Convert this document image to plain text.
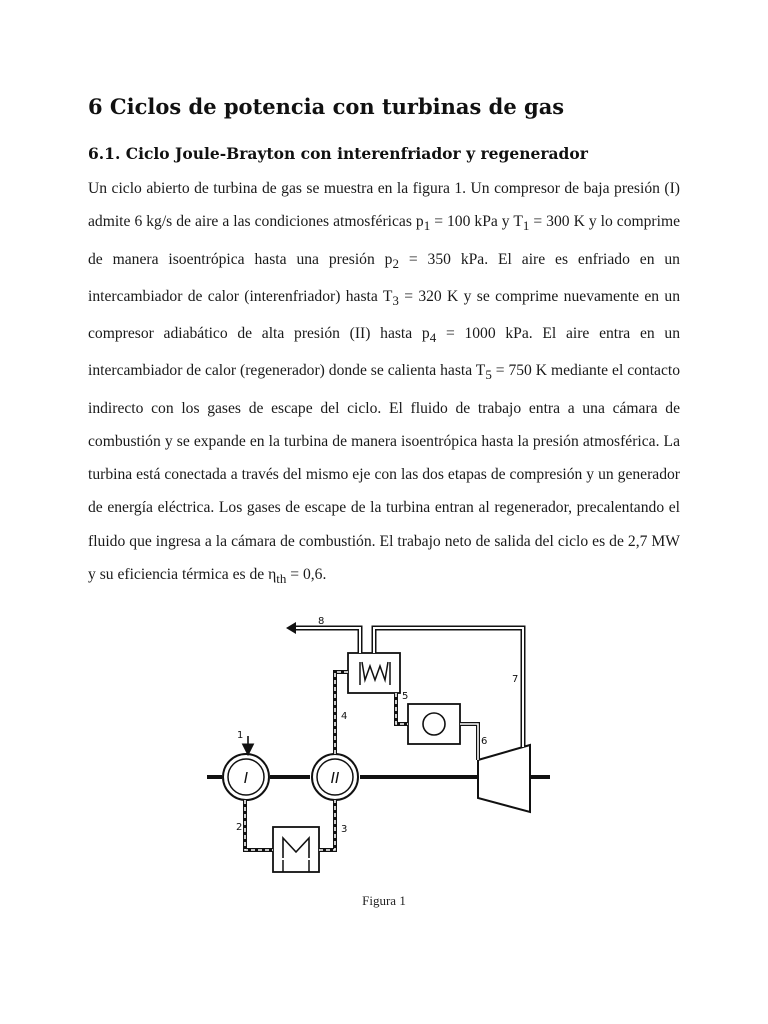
6 Ciclos de potencia con turbinas de gas
6.1. Ciclo Joule-Brayton con interenfriador y regenerador

Un ciclo abierto de turbina de gas se muestra en la figura 1. Un compresor de baja presión (I) admite 6 kg/s de aire a las condiciones atmosféricas $p_1 = 100$ kPa y $T_1 = 300$ K y lo comprime de manera isoentrópica hasta una presión $p_2 = 350$ kPa. El aire es enfriado en un intercambiador de calor (interenfriador) hasta $T_3 = 320$ K y se comprime nuevamente en un compresor adiabático de alta presión (II) hasta $p_4 = 1000$ kPa. El aire entra en un intercambiador de calor (regenerador) donde se calienta hasta $T_5 = 750$ K mediante el contacto indirecto con los gases de escape del ciclo. El fluido de trabajo entra a una cámara de combustión y se expande en la turbina de manera isoentrópica hasta la presión atmosférica. La turbina está conectada a través del mismo eje con las dos etapas de compresión y un generador de energía eléctrica. Los gases de escape de la turbina entran al regenerador, precalentando el fluido que ingresa a la cámara de combustión. El trabajo neto de salida del ciclo es de 2,7 MW y su eficiencia térmica es de $\eta_{th} = 0,6$.

I	II
1
2	3
4
5
6
7
8

Figura 1
